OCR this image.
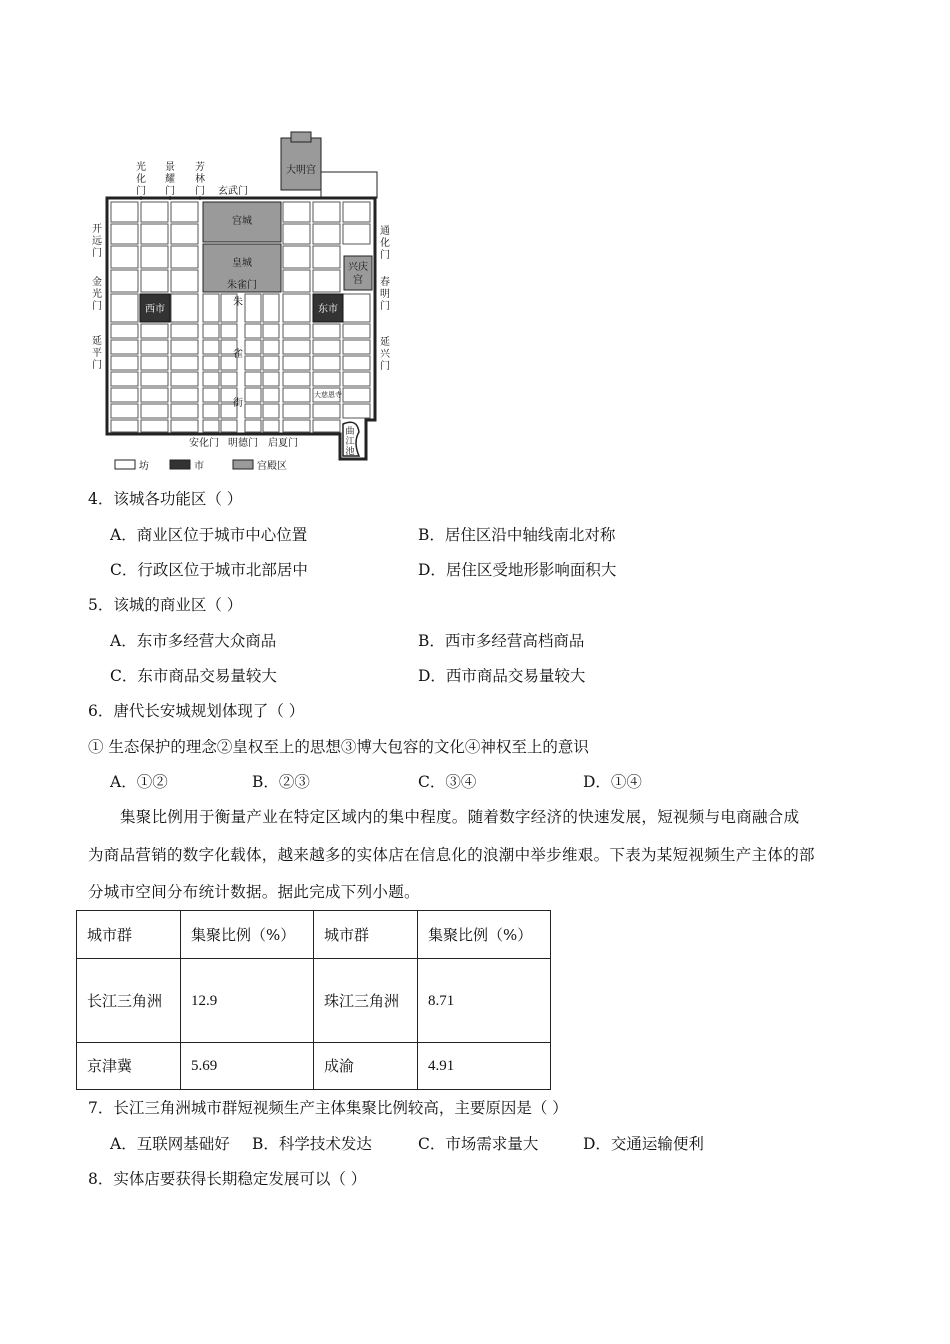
大明宫
宫城
皇城
朱雀门
兴庆
宫
西市	东市
朱
雀
街
大慈恩寺
曲
江
池
光
化
门
景
耀
门
芳
林
门 玄武门
开
远
门
金
光
门
延
平
门
通
化
门
春
明
门
延
兴
门
安化门 明德门 启夏门
坊	市	宫殿区
4．该城各功能区（ ）
A．商业区位于城市中心位置	B．居住区沿中轴线南北对称
C．行政区位于城市北部居中	D．居住区受地形影响面积大
5．该城的商业区（ ）
A．东市多经营大众商品	B．西市多经营高档商品
C．东市商品交易量较大	D．西市商品交易量较大
6．唐代长安城规划体现了（ ）
① 生态保护的理念②皇权至上的思想③博大包容的文化④神权至上的意识
A．①②	B．②③	C．③④	D．①④
集聚比例用于衡量产业在特定区域内的集中程度。随着数字经济的快速发展，短视频与电商融合成
为商品营销的数字化载体，越来越多的实体店在信息化的浪潮中举步维艰。下表为某短视频生产主体的部
分城市空间分布统计数据。据此完成下列小题。
城市群	集聚比例（%）	城市群	集聚比例（%）
长江三角洲	12.9	珠江三角洲	8.71
京津冀	5.69	成渝	4.91
7．长江三角洲城市群短视频生产主体集聚比例较高，主要原因是（ ）
A．互联网基础好 B．科学技术发达	C．市场需求量大	D．交通运输便利
8．实体店要获得长期稳定发展可以（ ）
